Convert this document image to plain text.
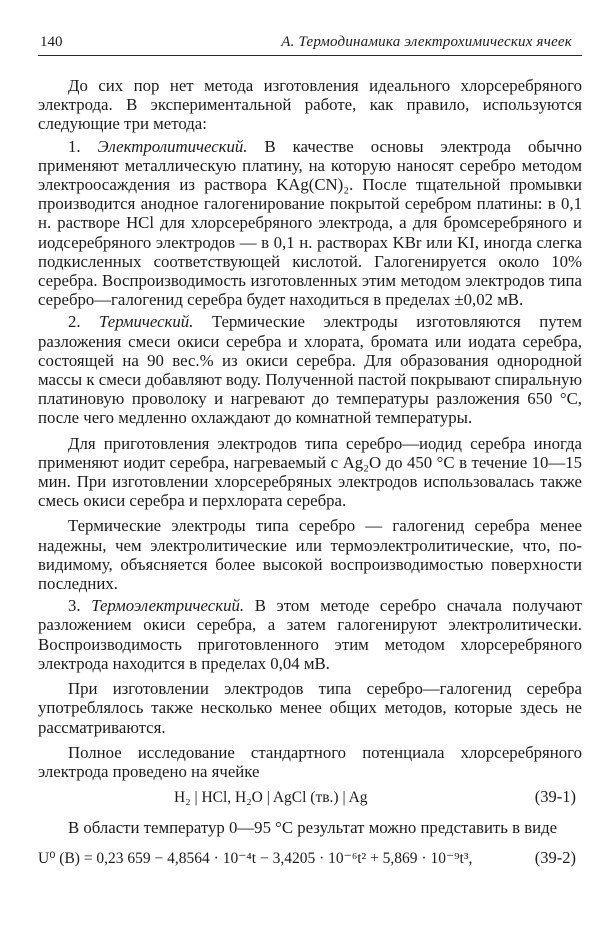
140	А. Термодинамика электрохимических ячеек

До сих пор нет метода изготовления идеального хлорсеребряного электрода. В экспериментальной работе, как правило, используются следующие три метода:

1. Электролитический. В качестве основы электрода обычно применяют металлическую платину, на которую наносят серебро методом электроосаждения из раствора KAg(CN)₂. После тщательной промывки производится анодное галогенирование покрытой серебром платины: в 0,1 н. растворе HCl для хлорсеребряного электрода, а для бромсеребряного и иодсеребряного электродов — в 0,1 н. растворах KBr или KI, иногда слегка подкисленных соответствующей кислотой. Галогенируется около 10% серебра. Воспроизводимость изготовленных этим методом электродов типа серебро—галогенид серебра будет находиться в пределах ±0,02 мВ.

2. Термический. Термические электроды изготовляются путем разложения смеси окиси серебра и хлората, бромата или иодата серебра, состоящей на 90 вес.% из окиси серебра. Для образования однородной массы к смеси добавляют воду. Полученной пастой покрывают спиральную платиновую проволоку и нагревают до температуры разложения 650 °C, после чего медленно охлаждают до комнатной температуры.

Для приготовления электродов типа серебро—иодид серебра иногда применяют иодит серебра, нагреваемый с Ag₂O до 450 °C в течение 10—15 мин. При изготовлении хлорсеребряных электродов использовалась также смесь окиси серебра и перхлората серебра.

Термические электроды типа серебро — галогенид серебра менее надежны, чем электролитические или термоэлектролитические, что, по-видимому, объясняется более высокой воспроизводимостью поверхности последних.

3. Термоэлектрический. В этом методе серебро сначала получают разложением окиси серебра, а затем галогенируют электролитически. Воспроизводимость приготовленного этим методом хлорсеребряного электрода находится в пределах 0,04 мВ.

При изготовлении электродов типа серебро—галогенид серебра употреблялось также несколько менее общих методов, которые здесь не рассматриваются.

Полное исследование стандартного потенциала хлорсеребряного электрода проведено на ячейке

H₂ | HCl, H₂O | AgCl (тв.) | Ag	(39-1)

В области температур 0—95 °C результат можно представить в виде

U⁰ (В) = 0,23 659 − 4,8564 · 10⁻⁴t − 3,4205 · 10⁻⁶t² + 5,869 · 10⁻⁹t³,	(39-2)
